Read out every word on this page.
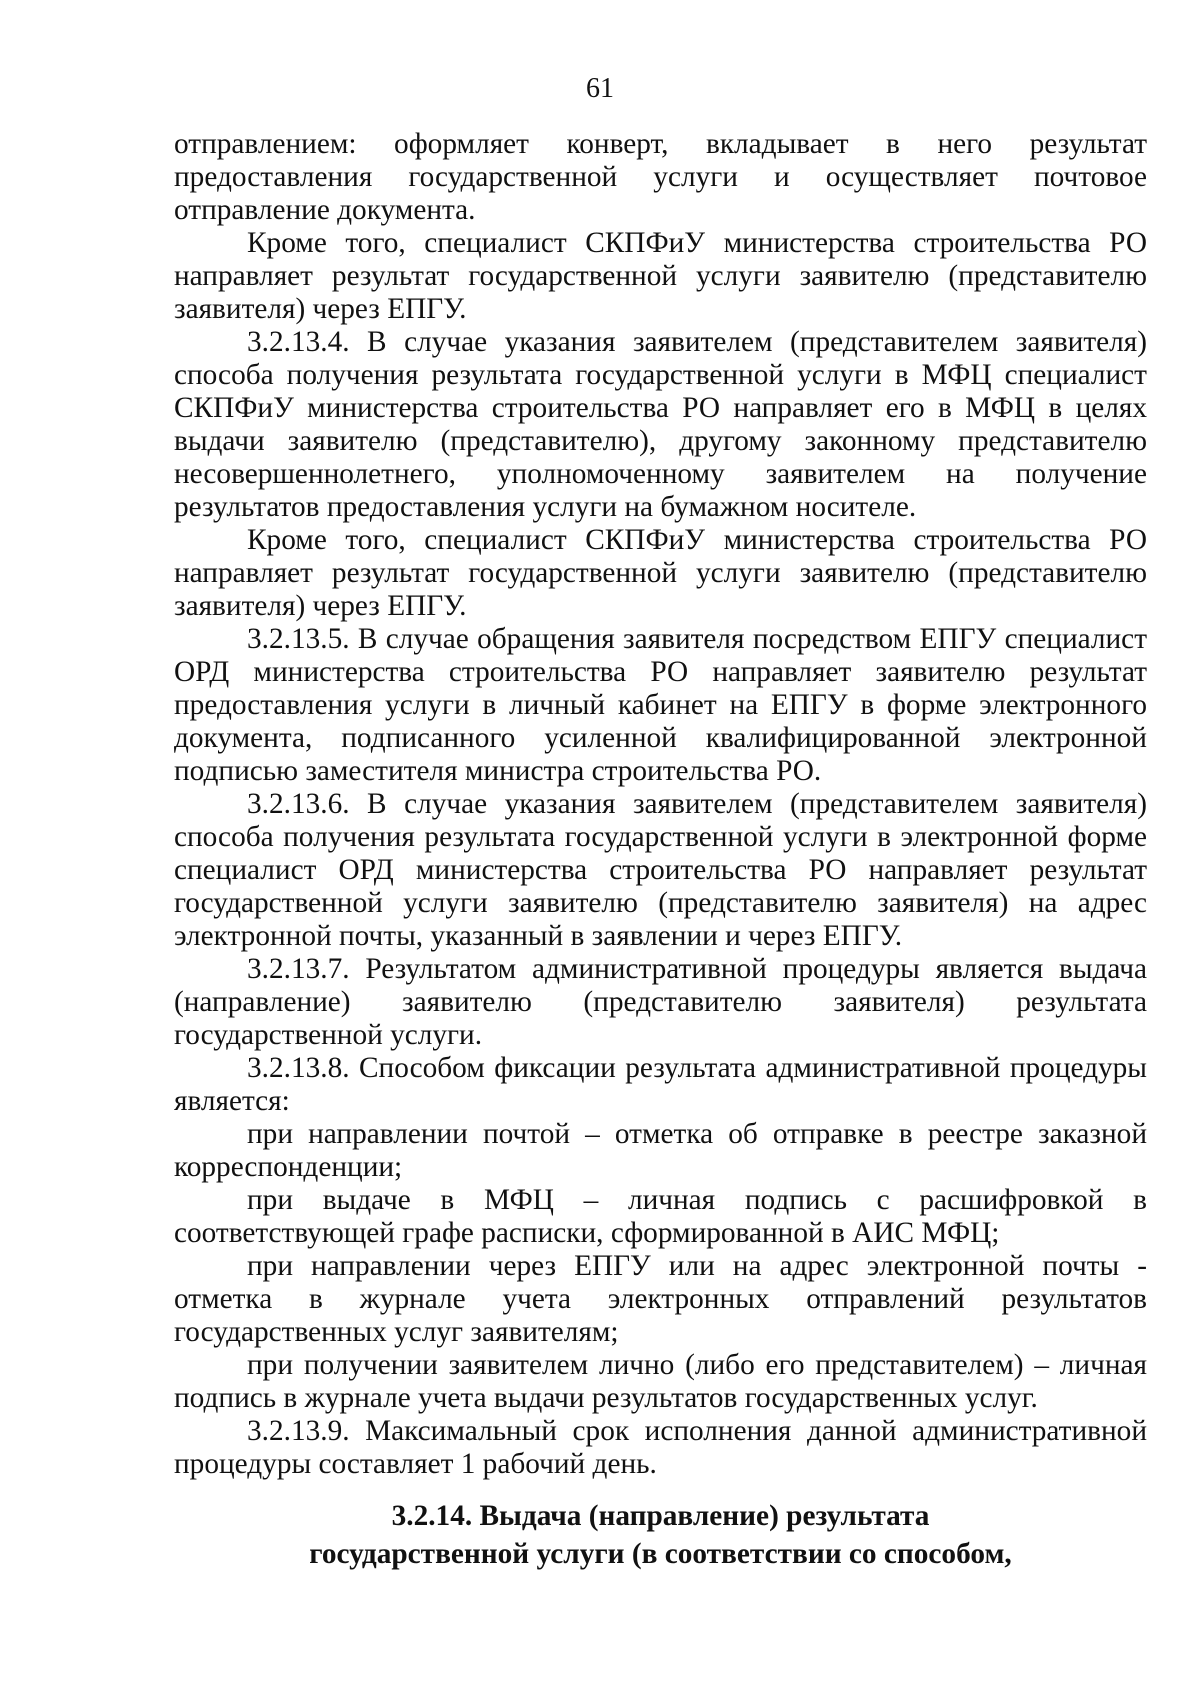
61

отправлением: оформляет конверт, вкладывает в него результат предоставления государственной услуги и осуществляет почтовое отправление документа.

Кроме того, специалист СКПФиУ министерства строительства РО направляет результат государственной услуги заявителю (представителю заявителя) через ЕПГУ.

3.2.13.4. В случае указания заявителем (представителем заявителя) способа получения результата государственной услуги в МФЦ специалист СКПФиУ министерства строительства РО направляет его в МФЦ в целях выдачи заявителю (представителю), другому законному представителю несовершеннолетнего, уполномоченному заявителем на получение результатов предоставления услуги на бумажном носителе.

Кроме того, специалист СКПФиУ министерства строительства РО направляет результат государственной услуги заявителю (представителю заявителя) через ЕПГУ.

3.2.13.5. В случае обращения заявителя посредством ЕПГУ специалист ОРД министерства строительства РО направляет заявителю результат предоставления услуги в личный кабинет на ЕПГУ в форме электронного документа, подписанного усиленной квалифицированной электронной подписью заместителя министра строительства РО.

3.2.13.6. В случае указания заявителем (представителем заявителя) способа получения результата государственной услуги в электронной форме специалист ОРД министерства строительства РО направляет результат государственной услуги заявителю (представителю заявителя) на адрес электронной почты, указанный в заявлении и через ЕПГУ.

3.2.13.7. Результатом административной процедуры является выдача (направление) заявителю (представителю заявителя) результата государственной услуги.

3.2.13.8. Способом фиксации результата административной процедуры является:

при направлении почтой – отметка об отправке в реестре заказной корреспонденции;

при выдаче в МФЦ – личная подпись с расшифровкой в соответствующей графе расписки, сформированной в АИС МФЦ;

при направлении через ЕПГУ или на адрес электронной почты - отметка в журнале учета электронных отправлений результатов государственных услуг заявителям;

при получении заявителем лично (либо его представителем) – личная подпись в журнале учета выдачи результатов государственных услуг.

3.2.13.9. Максимальный срок исполнения данной административной процедуры составляет 1 рабочий день.

3.2.14. Выдача (направление) результата
государственной услуги (в соответствии со способом,
